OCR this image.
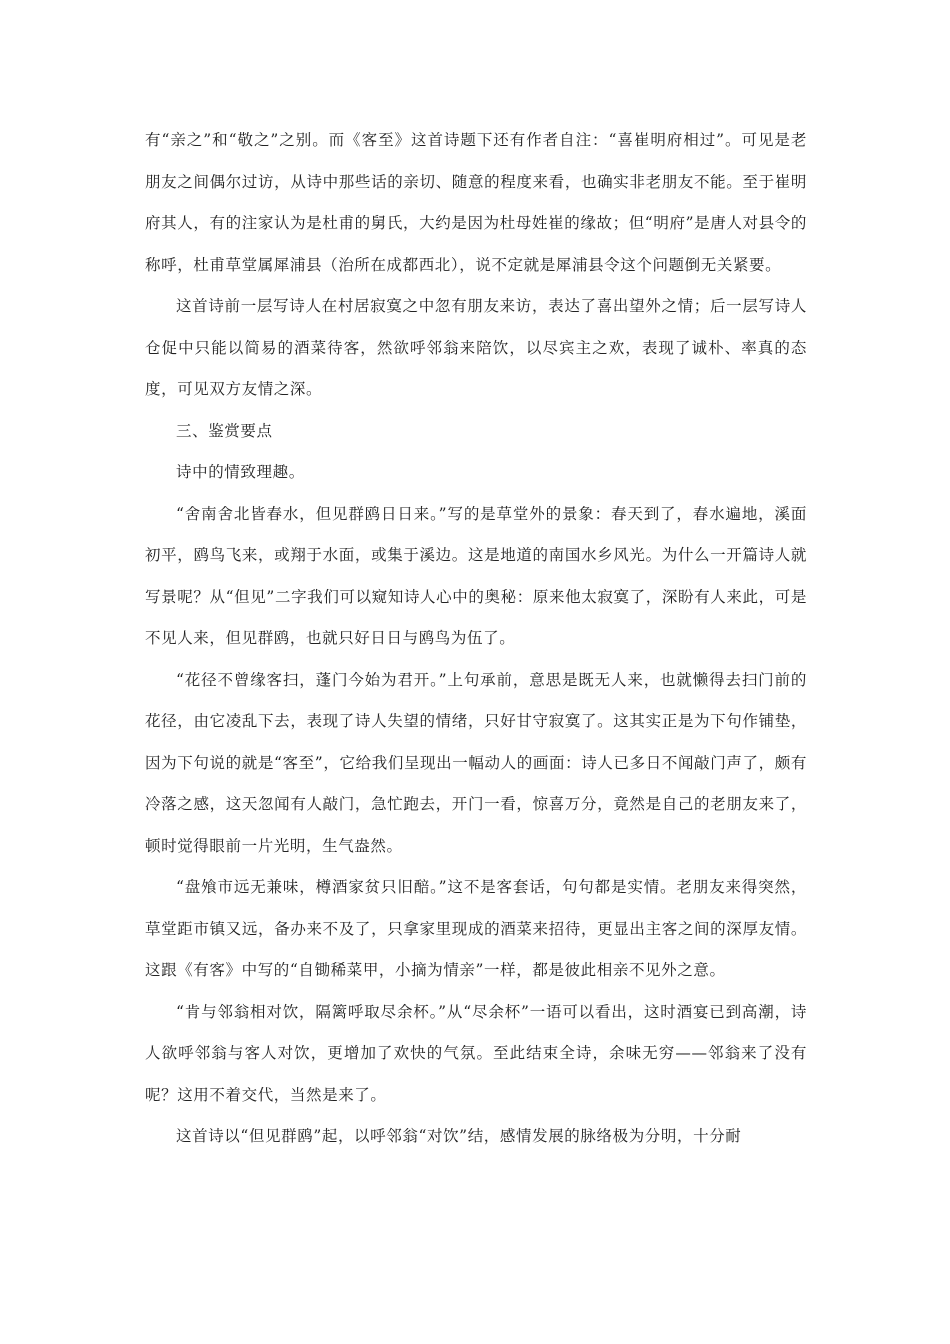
有“亲之”和“敬之”之别。而《客至》这首诗题下还有作者自注：“喜崔明府相过”。可见是老朋友之间偶尔过访，从诗中那些话的亲切、随意的程度来看，也确实非老朋友不能。至于崔明府其人，有的注家认为是杜甫的舅氏，大约是因为杜母姓崔的缘故；但“明府”是唐人对县令的称呼，杜甫草堂属犀浦县（治所在成都西北），说不定就是犀浦县令这个问题倒无关紧要。

这首诗前一层写诗人在村居寂寞之中忽有朋友来访，表达了喜出望外之情；后一层写诗人仓促中只能以简易的酒菜待客，然欲呼邻翁来陪饮，以尽宾主之欢，表现了诚朴、率真的态度，可见双方友情之深。

三、鉴赏要点

诗中的情致理趣。

“舍南舍北皆春水，但见群鸥日日来。”写的是草堂外的景象：春天到了，春水遍地，溪面初平，鸥鸟飞来，或翔于水面，或集于溪边。这是地道的南国水乡风光。为什么一开篇诗人就写景呢？从“但见”二字我们可以窥知诗人心中的奥秘：原来他太寂寞了，深盼有人来此，可是不见人来，但见群鸥，也就只好日日与鸥鸟为伍了。

“花径不曾缘客扫，蓬门今始为君开。”上句承前，意思是既无人来，也就懒得去扫门前的花径，由它凌乱下去，表现了诗人失望的情绪，只好甘守寂寞了。这其实正是为下句作铺垫，因为下句说的就是“客至”，它给我们呈现出一幅动人的画面：诗人已多日不闻敲门声了，颇有冷落之感，这天忽闻有人敲门，急忙跑去，开门一看，惊喜万分，竟然是自己的老朋友来了，顿时觉得眼前一片光明，生气盎然。

“盘飧市远无兼味，樽酒家贫只旧醅。”这不是客套话，句句都是实情。老朋友来得突然，草堂距市镇又远，备办来不及了，只拿家里现成的酒菜来招待，更显出主客之间的深厚友情。这跟《有客》中写的“自锄稀菜甲，小摘为情亲”一样，都是彼此相亲不见外之意。

“肯与邻翁相对饮，隔篱呼取尽余杯。”从“尽余杯”一语可以看出，这时酒宴已到高潮，诗人欲呼邻翁与客人对饮，更增加了欢快的气氛。至此结束全诗，余味无穷——邻翁来了没有呢？这用不着交代，当然是来了。

这首诗以“但见群鸥”起，以呼邻翁“对饮”结，感情发展的脉络极为分明，十分耐
